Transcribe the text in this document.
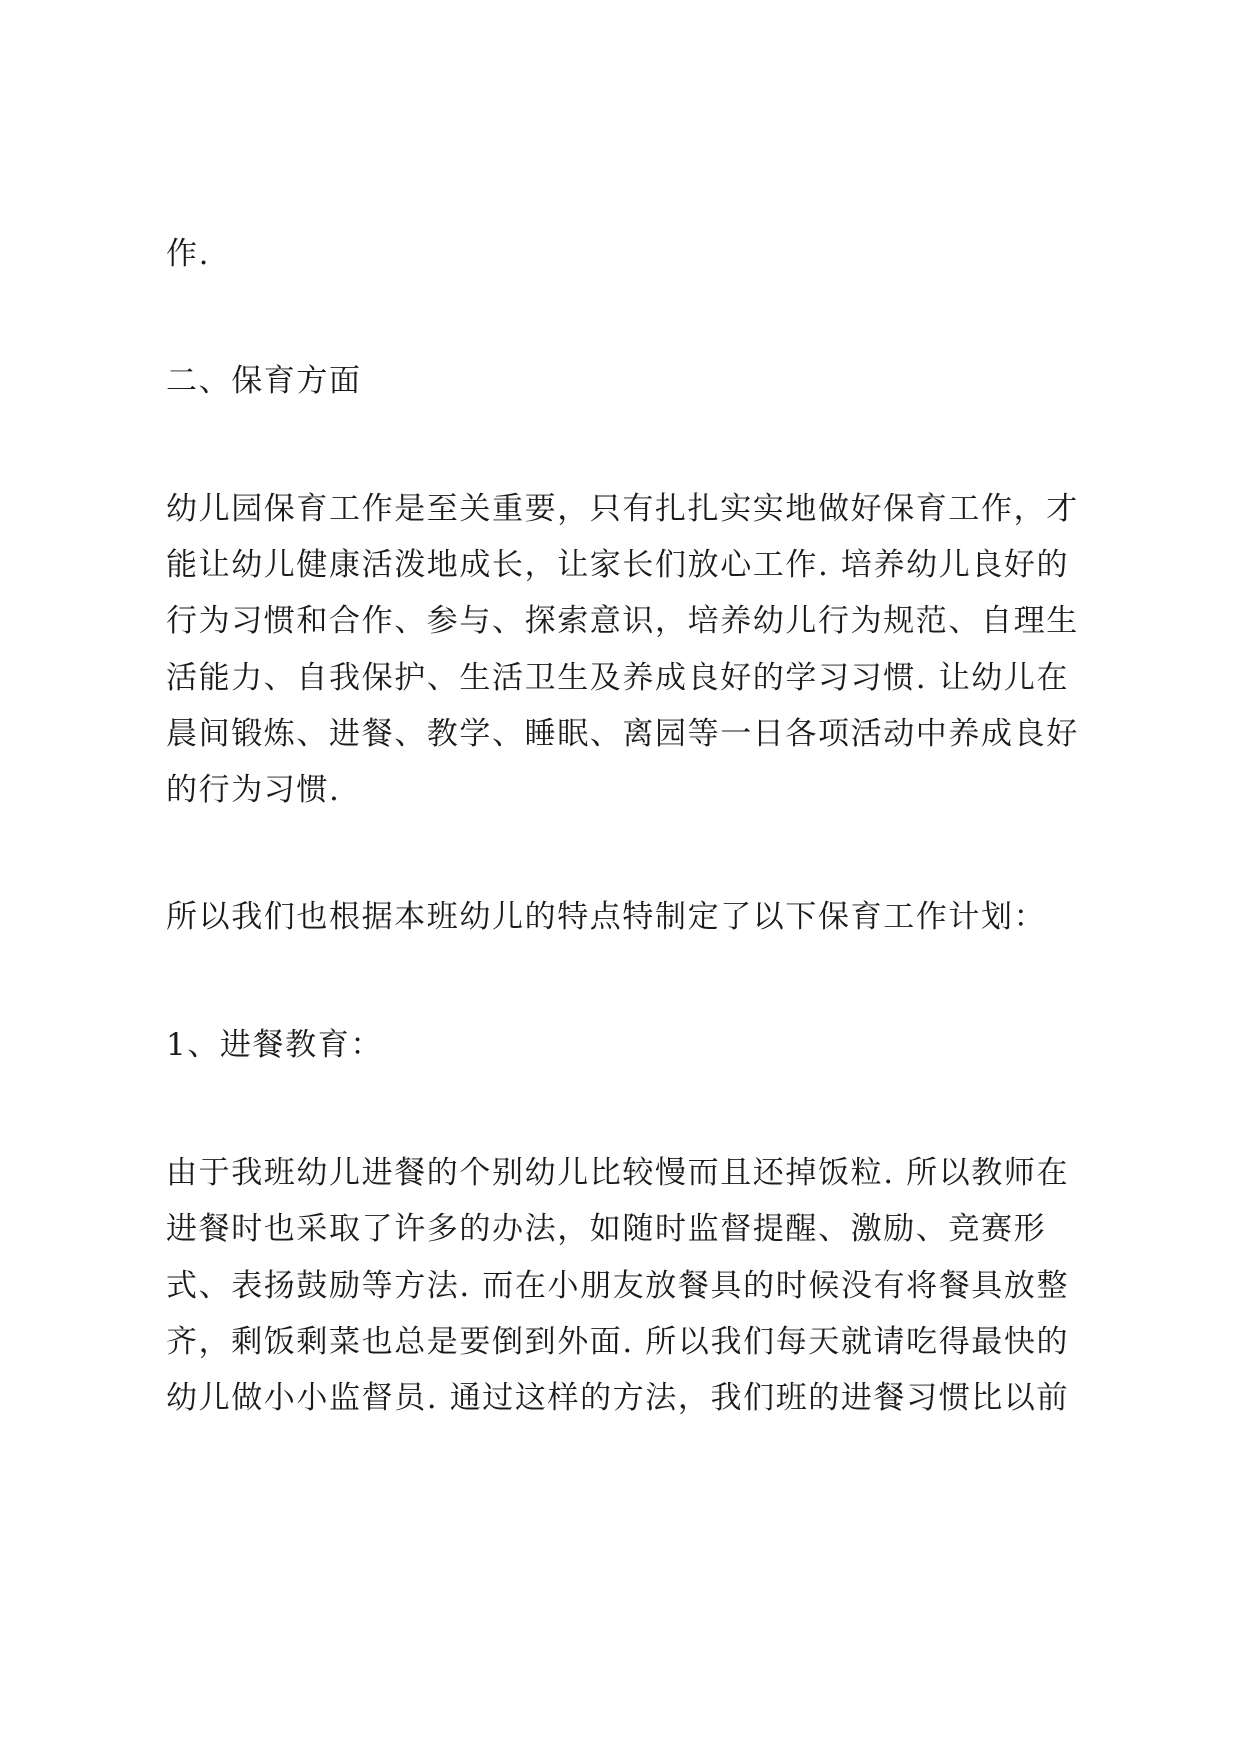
作.
二、保育方面
幼儿园保育工作是至关重要，只有扎扎实实地做好保育工作，才
能让幼儿健康活泼地成长，让家长们放心工作. 培养幼儿良好的
行为习惯和合作、参与、探索意识，培养幼儿行为规范、自理生
活能力、自我保护、生活卫生及养成良好的学习习惯. 让幼儿在
晨间锻炼、进餐、教学、睡眠、离园等一日各项活动中养成良好
的行为习惯.
所以我们也根据本班幼儿的特点特制定了以下保育工作计划：
1、进餐教育：
由于我班幼儿进餐的个别幼儿比较慢而且还掉饭粒. 所以教师在
进餐时也采取了许多的办法，如随时监督提醒、激励、竞赛形
式、表扬鼓励等方法. 而在小朋友放餐具的时候没有将餐具放整
齐，剩饭剩菜也总是要倒到外面. 所以我们每天就请吃得最快的
幼儿做小小监督员. 通过这样的方法，我们班的进餐习惯比以前
